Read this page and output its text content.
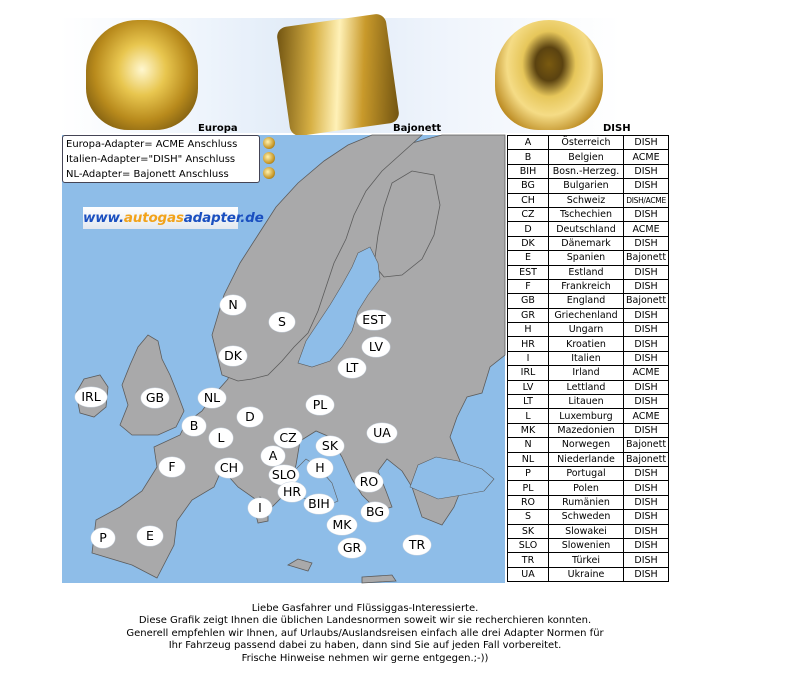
Europa	Bajonett	DISH
Europa-Adapter= ACME Anschluss
Italien-Adapter="DISH" Anschluss
NL-Adapter= Bajonett Anschluss
www.autogasadapter.de
N
S	EST
LV
DK
LT
IRL	GB	NL	PL
D
B
L	CZ
SK
UA
A
F	CH	H
SLO
HR
RO
BIH
I	BG
MK
P	E
GR	TR
A	Österreich	DISH
B	Belgien	ACME
BIH	Bosn.-Herzeg.	DISH
BG	Bulgarien	DISH
CH	Schweiz	DISH/ACME
CZ	Tschechien	DISH
D	Deutschland	ACME
DK	Dänemark	DISH
E	Spanien	Bajonett
EST	Estland	DISH
F	Frankreich	DISH
GB	England	Bajonett
GR	Griechenland	DISH
H	Ungarn	DISH
HR	Kroatien	DISH
I	Italien	DISH
IRL	Irland	ACME
LV	Lettland	DISH
LT	Litauen	DISH
L	Luxemburg	ACME
MK	Mazedonien	DISH
N	Norwegen	Bajonett
NL	Niederlande	Bajonett
P	Portugal	DISH
PL	Polen	DISH
RO	Rumänien	DISH
S	Schweden	DISH
SK	Slowakei	DISH
SLO	Slowenien	DISH
TR	Türkei	DISH
UA	Ukraine	DISH
Liebe Gasfahrer und Flüssiggas-Interessierte.
Diese Grafik zeigt Ihnen die üblichen Landesnormen soweit wir sie recherchieren konnten.
Generell empfehlen wir Ihnen, auf Urlaubs/Auslandsreisen einfach alle drei Adapter Normen für
Ihr Fahrzeug passend dabei zu haben, dann sind Sie auf jeden Fall vorbereitet.
Frische Hinweise nehmen wir gerne entgegen.;-))
